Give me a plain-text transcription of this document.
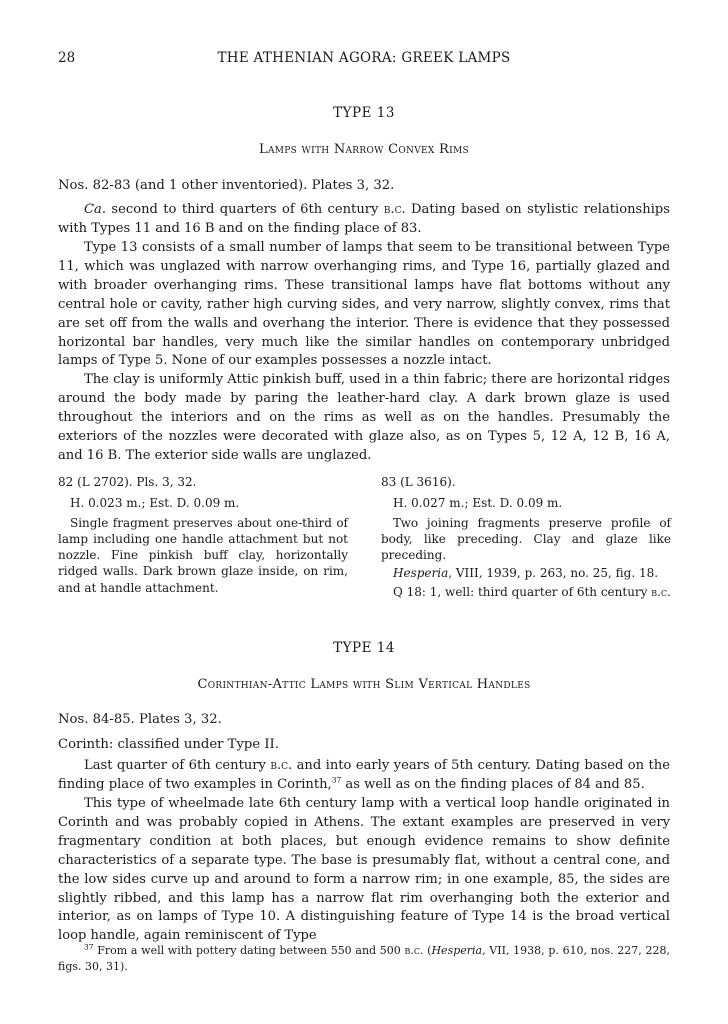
28	THE ATHENIAN AGORA: GREEK LAMPS
TYPE 13
Lamps with Narrow Convex Rims
Nos. 82-83 (and 1 other inventoried). Plates 3, 32.

Ca. second to third quarters of 6th century b.c. Dating based on stylistic relationships with Types 11 and 16 B and on the finding place of 83.

Type 13 consists of a small number of lamps that seem to be transitional between Type 11, which was unglazed with narrow overhanging rims, and Type 16, partially glazed and with broader overhanging rims. These transitional lamps have flat bottoms without any central hole or cavity, rather high curving sides, and very narrow, slightly convex, rims that are set off from the walls and overhang the interior. There is evidence that they possessed horizontal bar handles, very much like the similar handles on contemporary unbridged lamps of Type 5. None of our examples possesses a nozzle intact.

The clay is uniformly Attic pinkish buff, used in a thin fabric; there are horizontal ridges around the body made by paring the leather-hard clay. A dark brown glaze is used throughout the interiors and on the rims as well as on the handles. Presumably the exteriors of the nozzles were decorated with glaze also, as on Types 5, 12 A, 12 B, 16 A, and 16 B. The exterior side walls are unglazed.

82 (L 2702). Pls. 3, 32.

H. 0.023 m.; Est. D. 0.09 m.

Single fragment preserves about one-third of lamp including one handle attachment but not nozzle. Fine pinkish buff clay, horizontally ridged walls. Dark brown glaze inside, on rim, and at handle attachment.

83 (L 3616).

H. 0.027 m.; Est. D. 0.09 m.

Two joining fragments preserve profile of body, like preceding. Clay and glaze like preceding.

Hesperia, VIII, 1939, p. 263, no. 25, fig. 18.

Q 18: 1, well: third quarter of 6th century b.c.

TYPE 14
Corinthian-Attic Lamps with Slim Vertical Handles
Nos. 84-85. Plates 3, 32.
Corinth: classified under Type II.

Last quarter of 6th century b.c. and into early years of 5th century. Dating based on the finding place of two examples in Corinth,$^{37}$ as well as on the finding places of 84 and 85.

This type of wheelmade late 6th century lamp with a vertical loop handle originated in Corinth and was probably copied in Athens. The extant examples are preserved in very fragmentary condition at both places, but enough evidence remains to show definite characteristics of a separate type. The base is presumably flat, without a central cone, and the low sides curve up and around to form a narrow rim; in one example, 85, the sides are slightly ribbed, and this lamp has a narrow flat rim overhanging both the exterior and interior, as on lamps of Type 10. A distinguishing feature of Type 14 is the broad vertical loop handle, again reminiscent of Type

$^{37}$ From a well with pottery dating between 550 and 500 b.c. (Hesperia, VII, 1938, p. 610, nos. 227, 228, figs. 30, 31).
